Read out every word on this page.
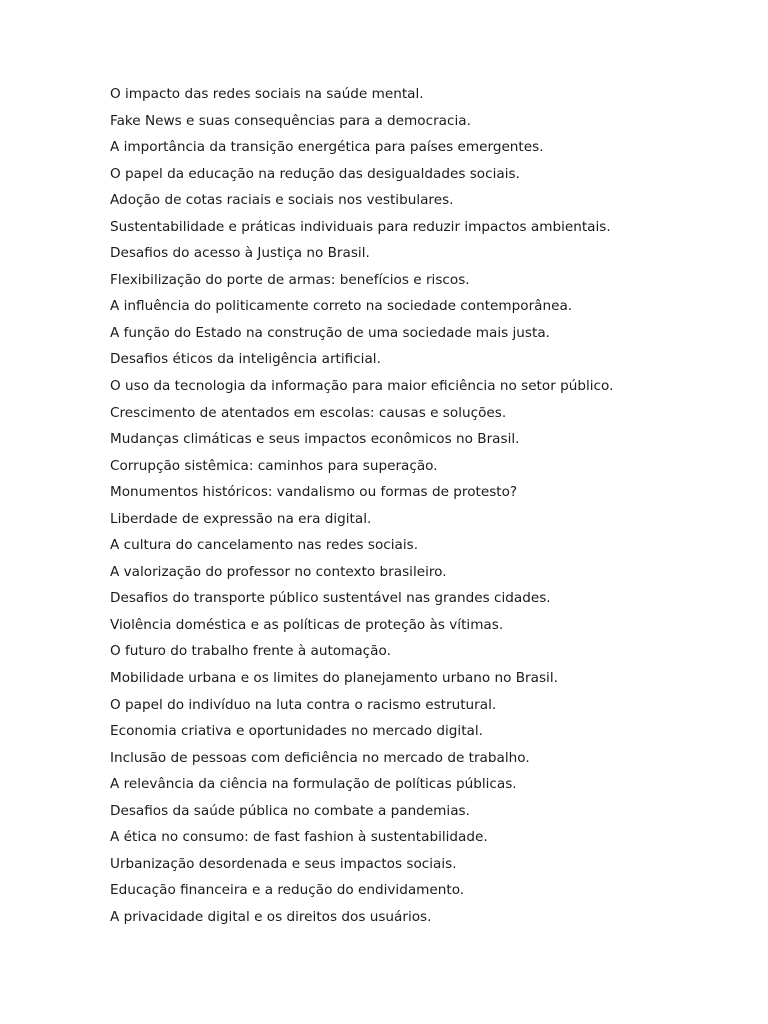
O impacto das redes sociais na saúde mental.
Fake News e suas consequências para a democracia.
A importância da transição energética para países emergentes.
O papel da educação na redução das desigualdades sociais.
Adoção de cotas raciais e sociais nos vestibulares.
Sustentabilidade e práticas individuais para reduzir impactos ambientais.
Desafios do acesso à Justiça no Brasil.
Flexibilização do porte de armas: benefícios e riscos.
A influência do politicamente correto na sociedade contemporânea.
A função do Estado na construção de uma sociedade mais justa.
Desafios éticos da inteligência artificial.
O uso da tecnologia da informação para maior eficiência no setor público.
Crescimento de atentados em escolas: causas e soluções.
Mudanças climáticas e seus impactos econômicos no Brasil.
Corrupção sistêmica: caminhos para superação.
Monumentos históricos: vandalismo ou formas de protesto?
Liberdade de expressão na era digital.
A cultura do cancelamento nas redes sociais.
A valorização do professor no contexto brasileiro.
Desafios do transporte público sustentável nas grandes cidades.
Violência doméstica e as políticas de proteção às vítimas.
O futuro do trabalho frente à automação.
Mobilidade urbana e os limites do planejamento urbano no Brasil.
O papel do indivíduo na luta contra o racismo estrutural.
Economia criativa e oportunidades no mercado digital.
Inclusão de pessoas com deficiência no mercado de trabalho.
A relevância da ciência na formulação de políticas públicas.
Desafios da saúde pública no combate a pandemias.
A ética no consumo: de fast fashion à sustentabilidade.
Urbanização desordenada e seus impactos sociais.
Educação financeira e a redução do endividamento.
A privacidade digital e os direitos dos usuários.
